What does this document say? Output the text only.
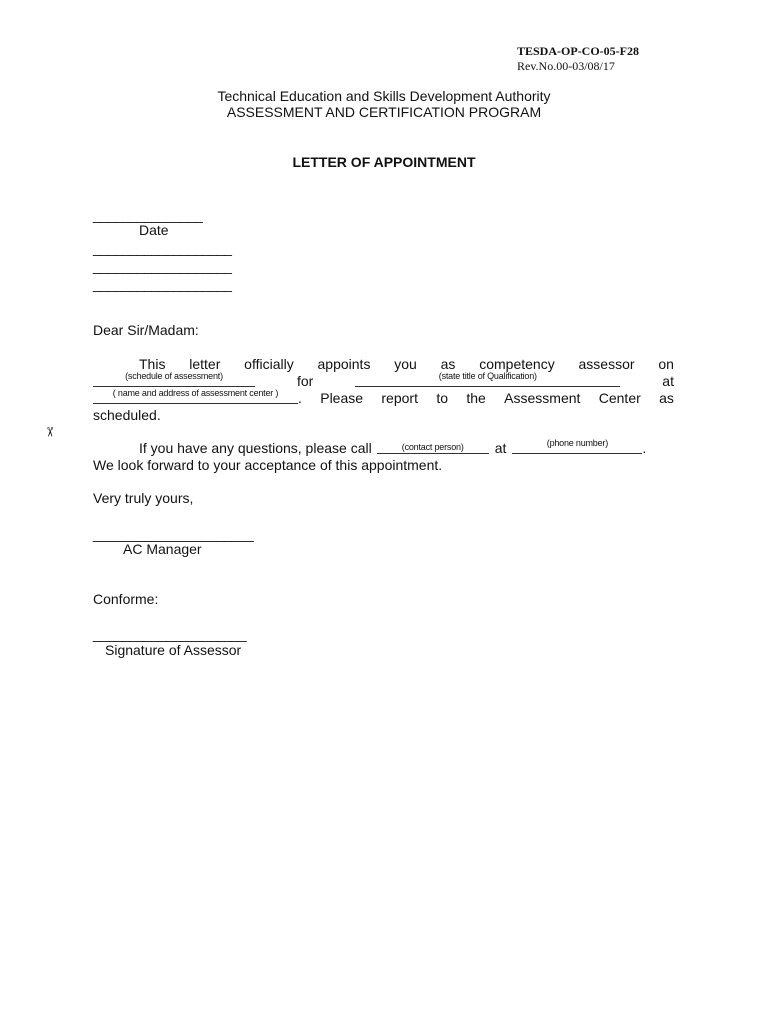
TESDA-OP-CO-05-F28
Rev.No.00-03/08/17
Technical Education and Skills Development Authority
ASSESSMENT AND CERTIFICATION PROGRAM
LETTER OF APPOINTMENT
_______________
Date
___________________
___________________
___________________
Dear Sir/Madam:
This letter officially appoints you as competency assessor on
(schedule of assessment)	for	(state title of Qualification)	at
( name and address of assessment center )	. Please report to the Assessment Center as
scheduled.
If you have any questions, please call	(contact person)	at	(phone number)	.
We look forward to your acceptance of this appointment.
Very truly yours,
______________________
AC Manager
Conforme:
_____________________
Signature of Assessor
✂
